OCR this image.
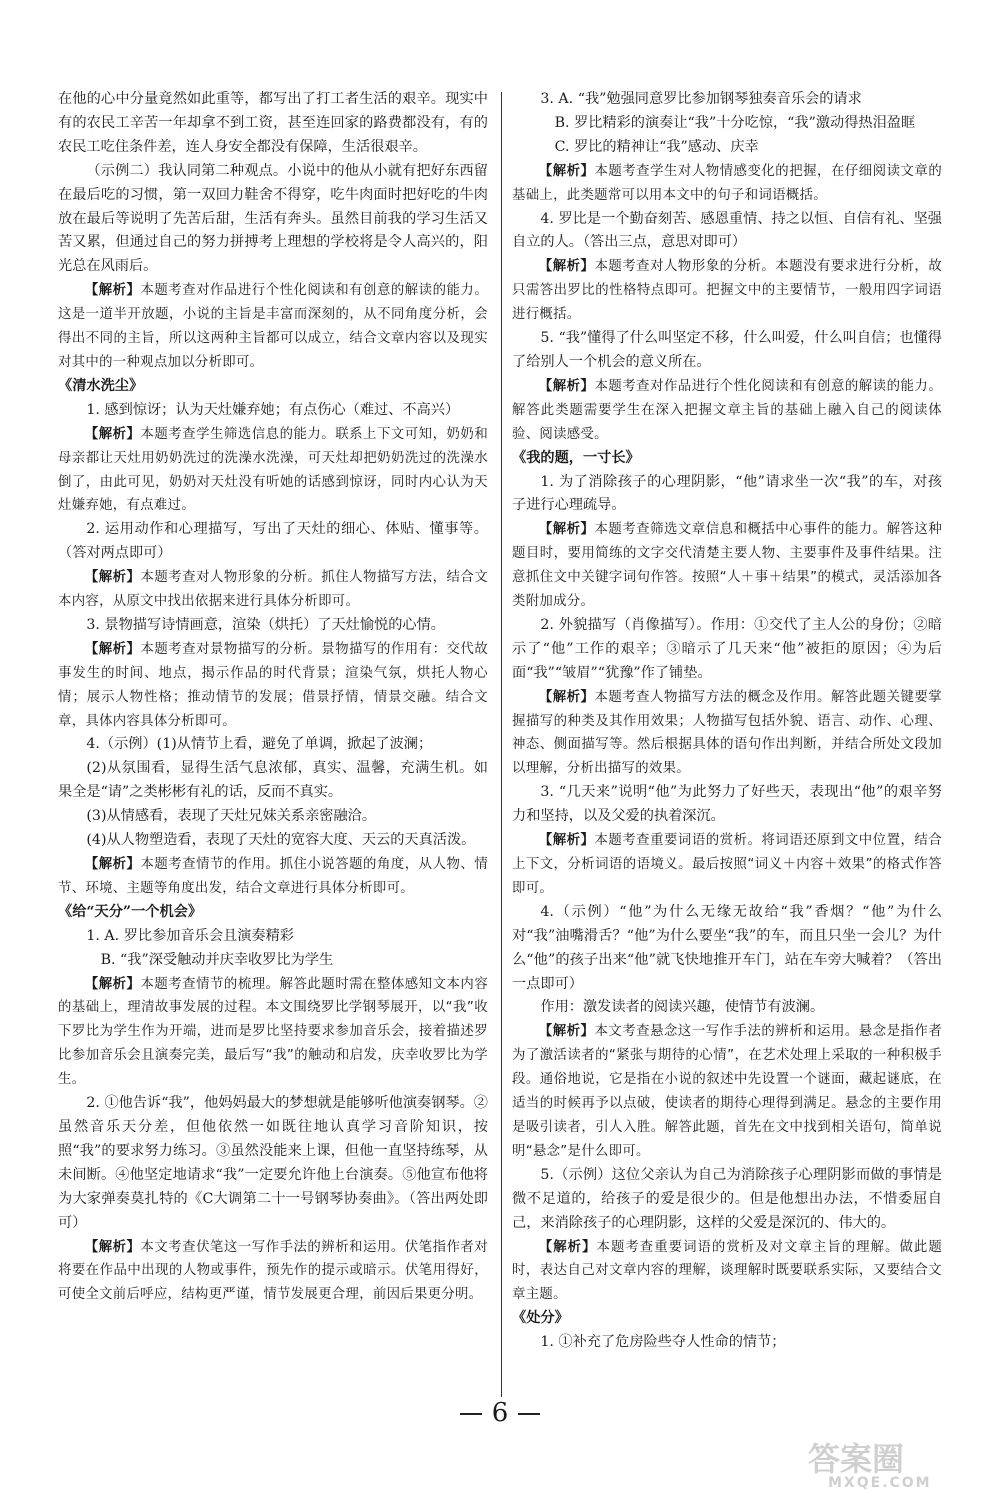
在他的心中分量竟然如此重等，都写出了打工者生活的艰辛。现实中有的农民工辛苦一年却拿不到工资，甚至连回家的路费都没有，有的农民工吃住条件差，连人身安全都没有保障，生活很艰辛。

（示例二）我认同第二种观点。小说中的他从小就有把好东西留在最后吃的习惯，第一双回力鞋舍不得穿，吃牛肉面时把好吃的牛肉放在最后等说明了先苦后甜，生活有奔头。虽然目前我的学习生活又苦又累，但通过自己的努力拼搏考上理想的学校将是令人高兴的，阳光总在风雨后。

【解析】本题考查对作品进行个性化阅读和有创意的解读的能力。这是一道半开放题，小说的主旨是丰富而深刻的，从不同角度分析，会得出不同的主旨，所以这两种主旨都可以成立，结合文章内容以及现实对其中的一种观点加以分析即可。

《清水洗尘》

1. 感到惊讶；认为天灶嫌弃她；有点伤心（难过、不高兴）

【解析】本题考查学生筛选信息的能力。联系上下文可知，奶奶和母亲都让天灶用奶奶洗过的洗澡水洗澡，可天灶却把奶奶洗过的洗澡水倒了，由此可见，奶奶对天灶没有听她的话感到惊讶，同时内心认为天灶嫌弃她，有点难过。

2. 运用动作和心理描写，写出了天灶的细心、体贴、懂事等。（答对两点即可）

【解析】本题考查对人物形象的分析。抓住人物描写方法，结合文本内容，从原文中找出依据来进行具体分析即可。

3. 景物描写诗情画意，渲染（烘托）了天灶愉悦的心情。

【解析】本题考查对景物描写的分析。景物描写的作用有：交代故事发生的时间、地点，揭示作品的时代背景；渲染气氛，烘托人物心情；展示人物性格；推动情节的发展；借景抒情，情景交融。结合文章，具体内容具体分析即可。

4.（示例）(1)从情节上看，避免了单调，掀起了波澜；

(2)从氛围看，显得生活气息浓郁，真实、温馨，充满生机。如果全是“请”之类彬彬有礼的话，反而不真实。

(3)从情感看，表现了天灶兄妹关系亲密融洽。

(4)从人物塑造看，表现了天灶的宽容大度、天云的天真活泼。

【解析】本题考查情节的作用。抓住小说答题的角度，从人物、情节、环境、主题等角度出发，结合文章进行具体分析即可。

《给“天分”一个机会》

1. A. 罗比参加音乐会且演奏精彩

B. “我”深受触动并庆幸收罗比为学生

【解析】本题考查情节的梳理。解答此题时需在整体感知文本内容的基础上，理清故事发展的过程。本文围绕罗比学钢琴展开，以“我”收下罗比为学生作为开端，进而是罗比坚持要求参加音乐会，接着描述罗比参加音乐会且演奏完美，最后写“我”的触动和启发，庆幸收罗比为学生。

2. ①他告诉“我”，他妈妈最大的梦想就是能够听他演奏钢琴。②虽然音乐天分差，但他依然一如既往地认真学习音阶知识，按照“我”的要求努力练习。③虽然没能来上课，但他一直坚持练琴，从未间断。④他坚定地请求“我”一定要允许他上台演奏。⑤他宣布他将为大家弹奏莫扎特的《C大调第二十一号钢琴协奏曲》。（答出两处即可）

【解析】本文考查伏笔这一写作手法的辨析和运用。伏笔指作者对将要在作品中出现的人物或事件，预先作的提示或暗示。伏笔用得好，可使全文前后呼应，结构更严谨，情节发展更合理，前因后果更分明。

3. A. “我”勉强同意罗比参加钢琴独奏音乐会的请求

B. 罗比精彩的演奏让“我”十分吃惊，“我”激动得热泪盈眶

C. 罗比的精神让“我”感动、庆幸

【解析】本题考查学生对人物情感变化的把握，在仔细阅读文章的基础上，此类题常可以用本文中的句子和词语概括。

4. 罗比是一个勤奋刻苦、感恩重情、持之以恒、自信有礼、坚强自立的人。（答出三点，意思对即可）

【解析】本题考查对人物形象的分析。本题没有要求进行分析，故只需答出罗比的性格特点即可。把握文中的主要情节，一般用四字词语进行概括。

5. “我”懂得了什么叫坚定不移，什么叫爱，什么叫自信；也懂得了给别人一个机会的意义所在。

【解析】本题考查对作品进行个性化阅读和有创意的解读的能力。解答此类题需要学生在深入把握文章主旨的基础上融入自己的阅读体验、阅读感受。

《我的题，一寸长》

1. 为了消除孩子的心理阴影，“他”请求坐一次“我”的车，对孩子进行心理疏导。

【解析】本题考查筛选文章信息和概括中心事件的能力。解答这种题目时，要用简练的文字交代清楚主要人物、主要事件及事件结果。注意抓住文中关键字词句作答。按照“人＋事＋结果”的模式，灵活添加各类附加成分。

2. 外貌描写（肖像描写）。作用：①交代了主人公的身份；②暗示了“他”工作的艰辛；③暗示了几天来“他”被拒的原因；④为后面“我”“皱眉”“犹豫”作了铺垫。

【解析】本题考查人物描写方法的概念及作用。解答此题关键要掌握描写的种类及其作用效果；人物描写包括外貌、语言、动作、心理、神态、侧面描写等。然后根据具体的语句作出判断，并结合所处文段加以理解，分析出描写的效果。

3. “几天来”说明“他”为此努力了好些天，表现出“他”的艰辛努力和坚持，以及父爱的执着深沉。

【解析】本题考查重要词语的赏析。将词语还原到文中位置，结合上下文，分析词语的语境义。最后按照“词义＋内容＋效果”的格式作答即可。

4.（示例）“他”为什么无缘无故给“我”香烟？“他”为什么对“我”油嘴滑舌？“他”为什么要坐“我”的车，而且只坐一会儿？为什么“他”的孩子出来“他”就飞快地推开车门，站在车旁大喊着？（答出一点即可）

作用：激发读者的阅读兴趣，使情节有波澜。

【解析】本文考查悬念这一写作手法的辨析和运用。悬念是指作者为了激活读者的“紧张与期待的心情”，在艺术处理上采取的一种积极手段。通俗地说，它是指在小说的叙述中先设置一个谜面，藏起谜底，在适当的时候再予以点破，使读者的期待心理得到满足。悬念的主要作用是吸引读者，引人入胜。解答此题，首先在文中找到相关语句，简单说明“悬念”是什么即可。

5.（示例）这位父亲认为自己为消除孩子心理阴影而做的事情是微不足道的，给孩子的爱是很少的。但是他想出办法，不惜委屈自己，来消除孩子的心理阴影，这样的父爱是深沉的、伟大的。

【解析】本题考查重要词语的赏析及对文章主旨的理解。做此题时，表达自己对文章内容的理解，谈理解时既要联系实际，又要结合文章主题。

《处分》

1. ①补充了危房险些夺人性命的情节；

6
答案圈
MXQE.COM
